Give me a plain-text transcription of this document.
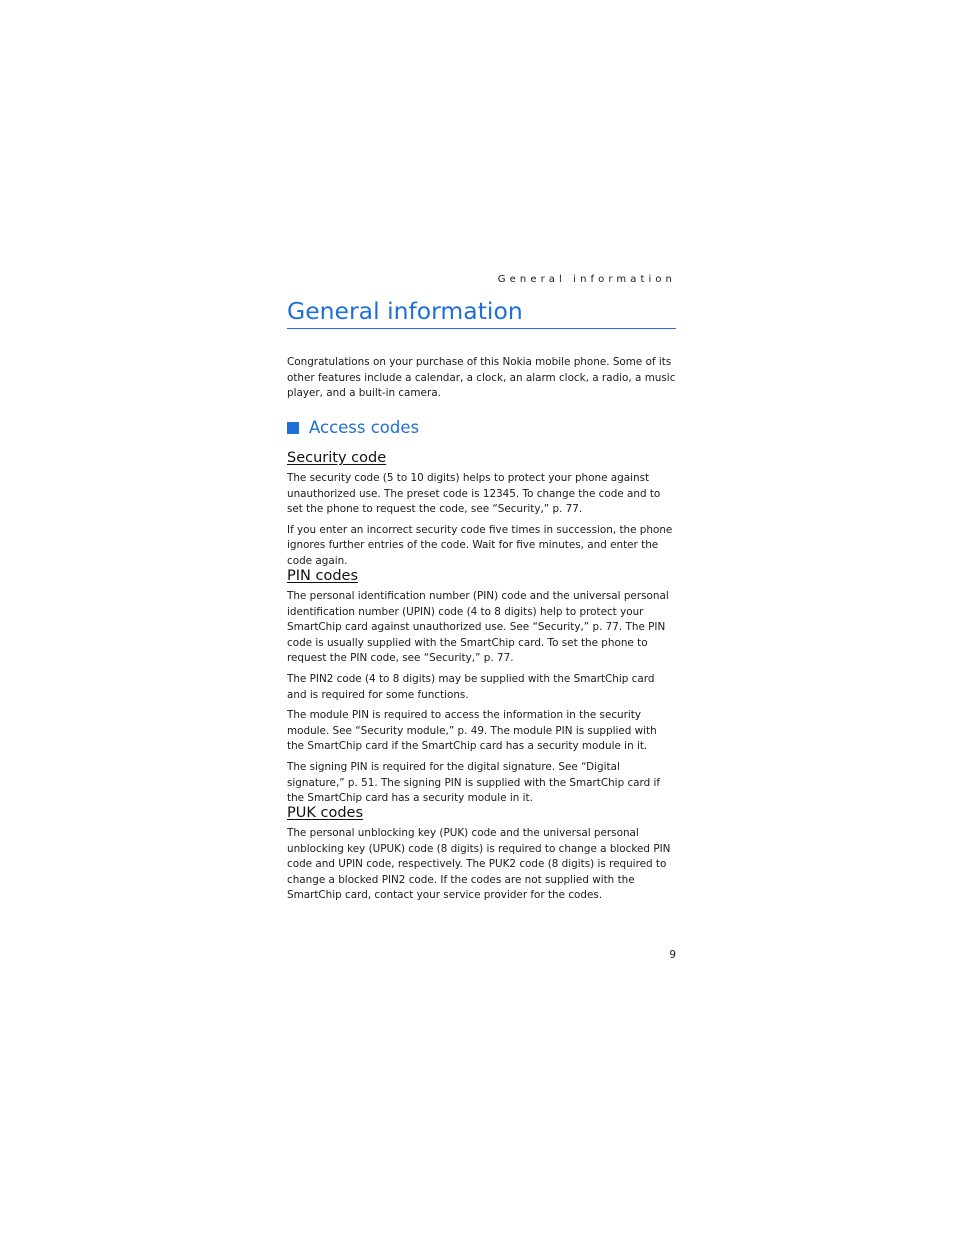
General information
General information

Congratulations on your purchase of this Nokia mobile phone. Some of its other features include a calendar, a clock, an alarm clock, a radio, a music player, and a built-in camera.

Access codes
Security code

The security code (5 to 10 digits) helps to protect your phone against unauthorized use. The preset code is 12345. To change the code and to set the phone to request the code, see “Security,” p. 77.

If you enter an incorrect security code five times in succession, the phone ignores further entries of the code. Wait for five minutes, and enter the code again.

PIN codes

The personal identification number (PIN) code and the universal personal identification number (UPIN) code (4 to 8 digits) help to protect your SmartChip card against unauthorized use. See “Security,” p. 77. The PIN code is usually supplied with the SmartChip card. To set the phone to request the PIN code, see “Security,” p. 77.

The PIN2 code (4 to 8 digits) may be supplied with the SmartChip card and is required for some functions.

The module PIN is required to access the information in the security module. See “Security module,” p. 49. The module PIN is supplied with the SmartChip card if the SmartChip card has a security module in it.

The signing PIN is required for the digital signature. See “Digital signature,” p. 51. The signing PIN is supplied with the SmartChip card if the SmartChip card has a security module in it.

PUK codes

The personal unblocking key (PUK) code and the universal personal unblocking key (UPUK) code (8 digits) is required to change a blocked PIN code and UPIN code, respectively. The PUK2 code (8 digits) is required to change a blocked PIN2 code. If the codes are not supplied with the SmartChip card, contact your service provider for the codes.

9
